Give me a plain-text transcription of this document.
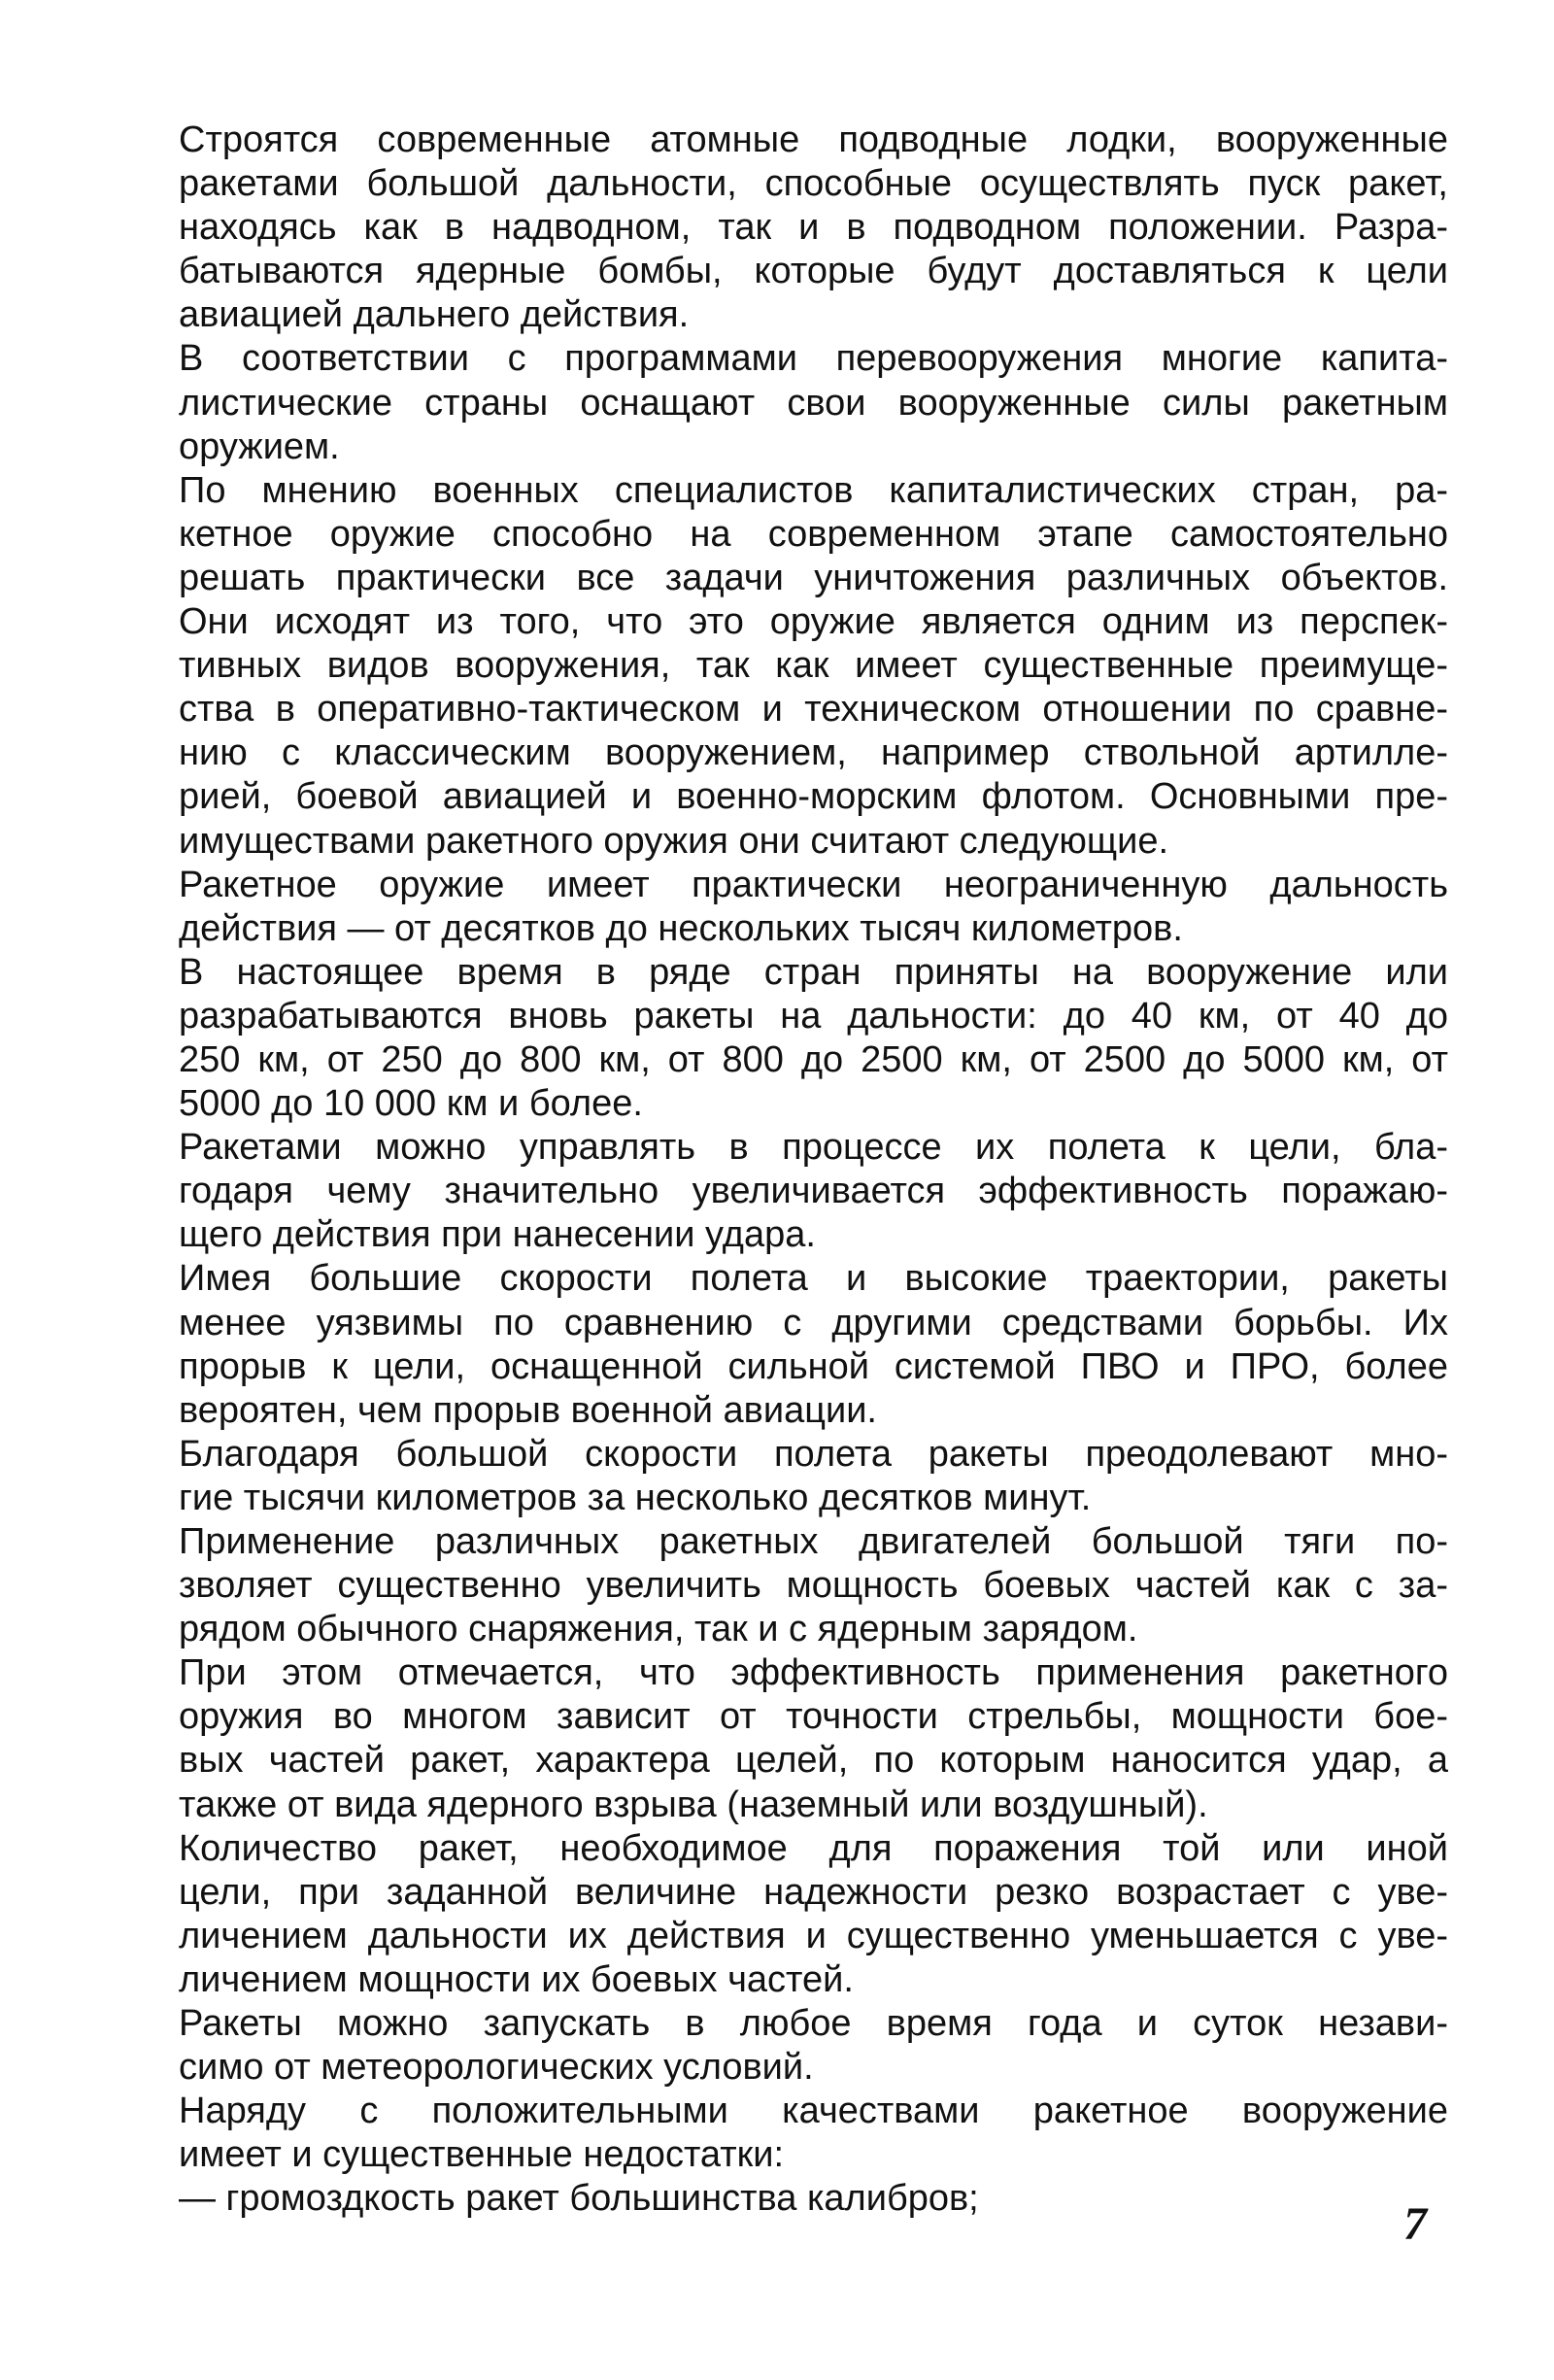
Строятся современные атомные подводные лодки, вооруженные
ракетами большой дальности, способные осуществлять пуск ракет,
находясь как в надводном, так и в подводном положении. Разра-
батываются ядерные бомбы, которые будут доставляться к цели
авиацией дальнего действия.
В соответствии с программами перевооружения многие капита-
листические страны оснащают свои вооруженные силы ракетным
оружием.
По мнению военных специалистов капиталистических стран, ра-
кетное оружие способно на современном этапе самостоятельно
решать практически все задачи уничтожения различных объектов.
Они исходят из того, что это оружие является одним из перспек-
тивных видов вооружения, так как имеет существенные преимуще-
ства в оперативно-тактическом и техническом отношении по сравне-
нию с классическим вооружением, например ствольной артилле-
рией, боевой авиацией и военно-морским флотом. Основными пре-
имуществами ракетного оружия они считают следующие.
Ракетное оружие имеет практически неограниченную дальность
действия — от десятков до нескольких тысяч километров.
В настоящее время в ряде стран приняты на вооружение или
разрабатываются вновь ракеты на дальности: до 40 км, от 40 до
250 км, от 250 до 800 км, от 800 до 2500 км, от 2500 до 5000 км, от
5000 до 10 000 км и более.
Ракетами можно управлять в процессе их полета к цели, бла-
годаря чему значительно увеличивается эффективность поражаю-
щего действия при нанесении удара.
Имея большие скорости полета и высокие траектории, ракеты
менее уязвимы по сравнению с другими средствами борьбы. Их
прорыв к цели, оснащенной сильной системой ПВО и ПРО, более
вероятен, чем прорыв военной авиации.
Благодаря большой скорости полета ракеты преодолевают мно-
гие тысячи километров за несколько десятков минут.
Применение различных ракетных двигателей большой тяги по-
зволяет существенно увеличить мощность боевых частей как с за-
рядом обычного снаряжения, так и с ядерным зарядом.
При этом отмечается, что эффективность применения ракетного
оружия во многом зависит от точности стрельбы, мощности бое-
вых частей ракет, характера целей, по которым наносится удар, а
также от вида ядерного взрыва (наземный или воздушный).
Количество ракет, необходимое для поражения той или иной
цели, при заданной величине надежности резко возрастает с уве-
личением дальности их действия и существенно уменьшается с уве-
личением мощности их боевых частей.
Ракеты можно запускать в любое время года и суток незави-
симо от метеорологических условий.
Наряду с положительными качествами ракетное вооружение
имеет и существенные недостатки:
— громоздкость ракет большинства калибров;	7
